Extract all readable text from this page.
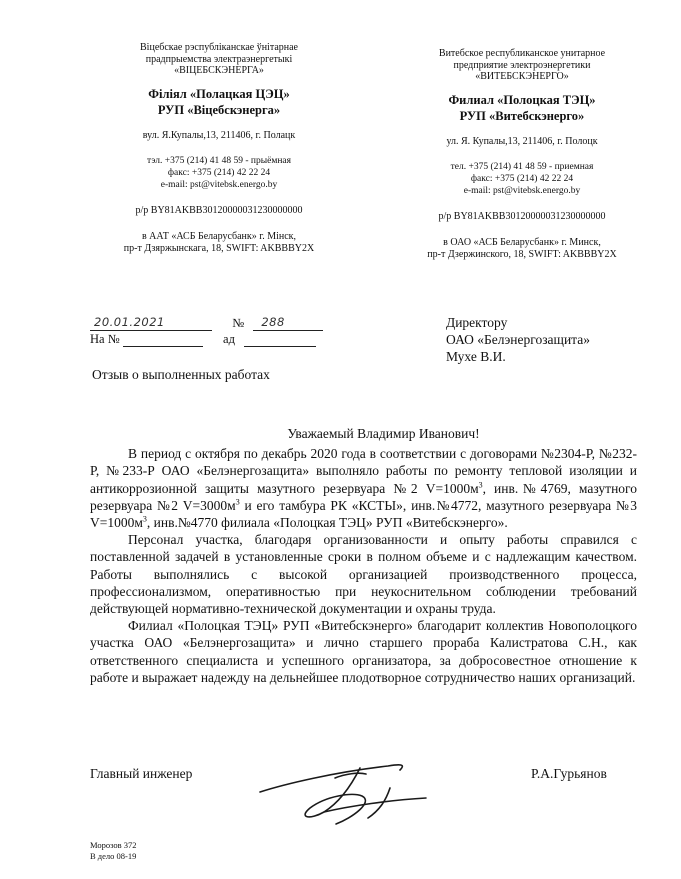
Віцебскае рэспубліканскае ўнітарнае
прадпрыемства электраэнергетыкі
«ВІЦЕБСКЭНЕРГА»
Філіял «Полацкая ЦЭЦ»
РУП «Віцебскэнерга»
вул. Я.Купалы,13, 211406, г. Полацк
тэл. +375 (214) 41 48 59 - прыёмная
факс: +375 (214) 42 22 24
e-mail: pst@vitebsk.energo.by
р/р BY81AKBB30120000031230000000
в ААТ «АСБ Беларусбанк» г. Мінск,
пр-т Дзяржынскага, 18, SWIFT: AKBBBY2X
Витебское республиканское унитарное
предприятие электроэнергетики
«ВИТЕБСКЭНЕРГО»
Филиал «Полоцкая ТЭЦ»
РУП «Витебскэнерго»
ул. Я. Купалы,13, 211406, г. Полоцк
тел. +375 (214) 41 48 59 - приемная
факс: +375 (214) 42 22 24
e-mail: pst@vitebsk.energo.by
р/р BY81AKBB30120000031230000000
в ОАО «АСБ Беларусбанк» г. Минск,
пр-т Дзержинского, 18, SWIFT: AKBBBY2X
20.01.2021	№ 288
На №	ад
Директору
ОАО «Белэнергозащита»
Мухе В.И.
Отзыв о выполненных работах

Уважаемый Владимир Иванович!

В период с октября по декабрь 2020 года в соответствии с договорами №2304-Р, №232-Р, №233-Р ОАО «Белэнергозащита» выполняло работы по ремонту тепловой изоляции и антикоррозионной защиты мазутного резервуара №2 $V=1000м^3$, инв.№4769, мазутного резервуара №2 $V=3000м^3$ и его тамбура РК «КСТЫ», инв.№4772, мазутного резервуара №3 $V=1000м^3$, инв.№4770 филиала «Полоцкая ТЭЦ» РУП «Витебскэнерго».

Персонал участка, благодаря организованности и опыту работы справился с поставленной задачей в установленные сроки в полном объеме и с надлежащим качеством. Работы выполнялись с высокой организацией производственного процесса, профессионализмом, оперативностью при неукоснительном соблюдении требований действующей нормативно-технической документации и охраны труда.

Филиал «Полоцкая ТЭЦ» РУП «Витебскэнерго» благодарит коллектив Новополоцкого участка ОАО «Белэнергозащита» и лично старшего прораба Калистратова С.Н., как ответственного специалиста и успешного организатора, за добросовестное отношение к работе и выражает надежду на дельнейшее плодотворное сотрудничество наших организаций.

Главный инженер	Р.А.Гурьянов
Морозов 372
В дело 08-19
